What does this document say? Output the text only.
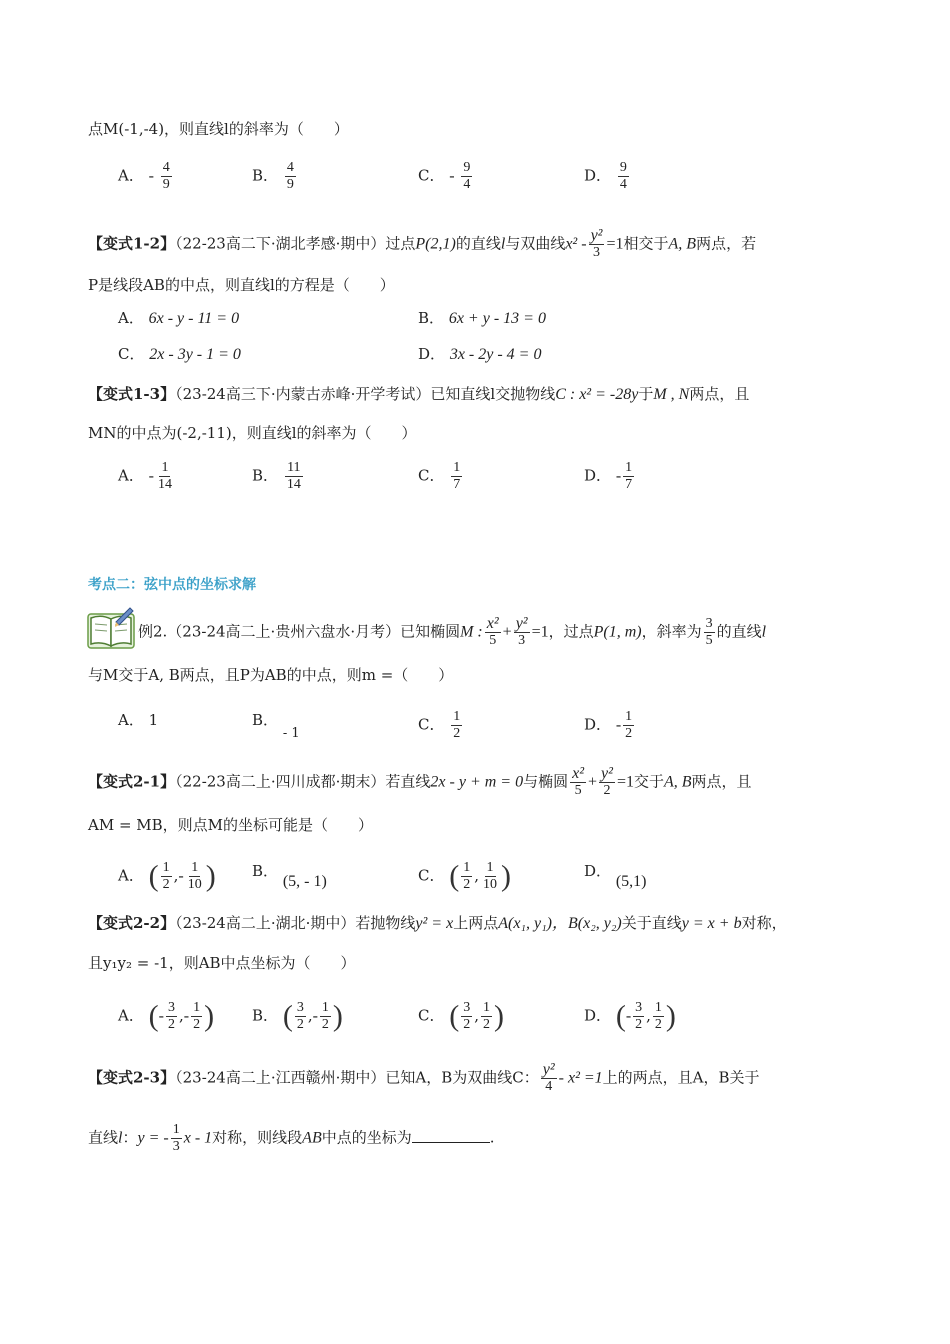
点M(-1,-4)，则直线l的斜率为（　　）
A． - $\frac{4}{9}$	B． $\frac{4}{9}$	C． - $\frac{9}{4}$	D． $\frac{9}{4}$
【变式1-2】（22-23高二下·湖北孝感·期中）过点P(2,1)的直线l与双曲线$x^2 - \frac{\text{y²}}{3} =1$相交于A, B两点，若
P是线段AB的中点，则直线l的方程是（　　）
A． 6x - y - 11 = 0	B． 6x + y - 13 = 0
C． 2x - 3y - 1 = 0	D． 3x - 2y - 4 = 0
【变式1-3】（23-24高三下·内蒙古赤峰·开学考试）已知直线l交抛物线C : x² = -28y于M , N两点，且
MN的中点为(-2,-11)，则直线l的斜率为（　　）
A． - $\frac{1}{14}$	B． $\frac{11}{14}$	C． $\frac{1}{7}$	D． - $\frac{1}{7}$
考点二：弦中点的坐标求解
例2.（23-24高二上·贵州六盘水·月考）已知椭圆M : $\frac{\text{x²}}{5} + \frac{\text{y²}}{3} =1$，过点P(1, m)，斜率为 $\frac{3}{5}$ 的直线l
与M交于A, B两点，且P为AB的中点，则m =（　　）
A． 1	B． - 1	C． $\frac{1}{2}$	D． - $\frac{1}{2}$
【变式2-1】（22-23高二上·四川成都·期末）若直线2x - y + m = 0与椭圆 $\frac{\text{x²}}{5} + \frac{\text{y²}}{2} =1$交于A, B两点，且
AM = MB，则点M的坐标可能是（　　）
A． ( $\frac{1}{2}$ ,- $\frac{1}{10}$ ) B． (5, - 1)	C． ( $\frac{1}{2}$ , $\frac{1}{10}$ )	D． (5,1)
【变式2-2】（23-24高二上·湖北·期中）若抛物线y² = x上两点A(x₁, y₁)，B(x₂, y₂)关于直线y = x + b对称，
且y₁y₂ = -1，则AB中点坐标为（　　）
A． (- $\frac{3}{2}$ ,- $\frac{1}{2}$ )	B． ( $\frac{3}{2}$ ,- $\frac{1}{2}$ )	C． ( $\frac{3}{2}$ , $\frac{1}{2}$ )	D． (- $\frac{3}{2}$ , $\frac{1}{2}$ )
【变式2-3】（23-24高二上·江西赣州·期中）已知A，B为双曲线C： $\frac{\text{y²}}{4} - x^2 =1$上的两点，且A，B关于
直线l：y = - $\frac{1}{3}$ x - 1对称，则线段AB中点的坐标为	.
